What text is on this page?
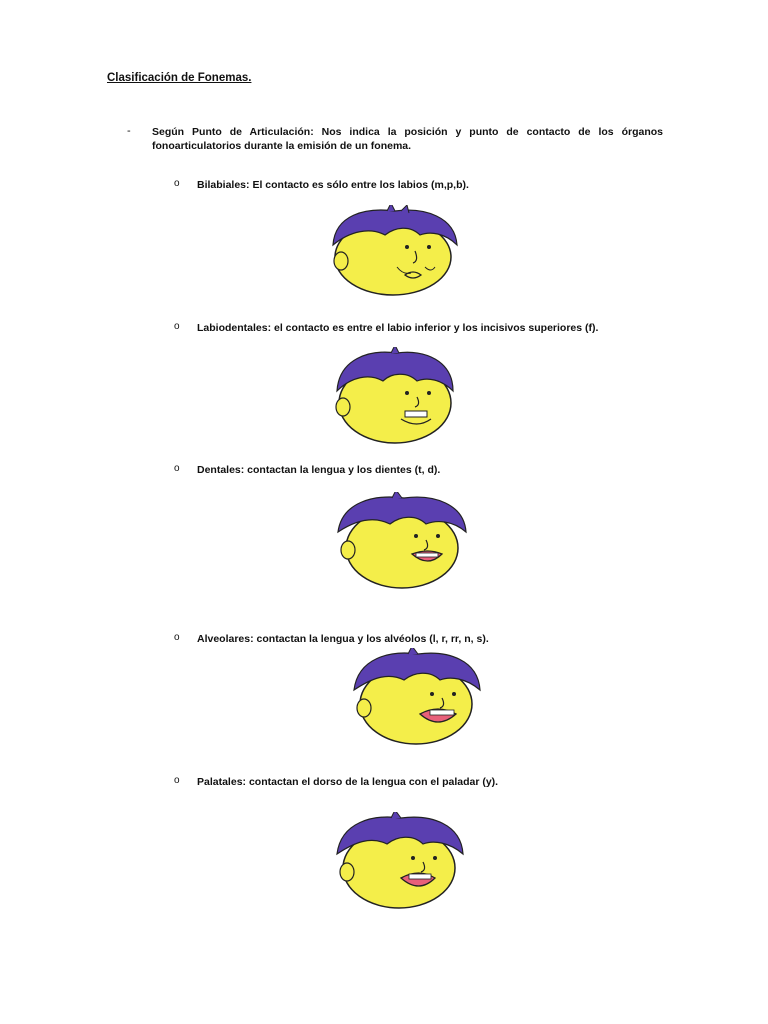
Clasificación de Fonemas.
- Según Punto de Articulación: Nos indica la posición y punto de contacto de los órganos fonoarticulatorios durante la emisión de un fonema.
o Bilabiales: El contacto es sólo entre los labios (m,p,b).
o Labiodentales: el contacto es entre el labio inferior y los incisivos superiores (f).
o Dentales: contactan la lengua y los dientes (t, d).
o Alveolares: contactan la lengua y los alvéolos (l, r, rr, n, s).
o Palatales: contactan el dorso de la lengua con el paladar (y).
